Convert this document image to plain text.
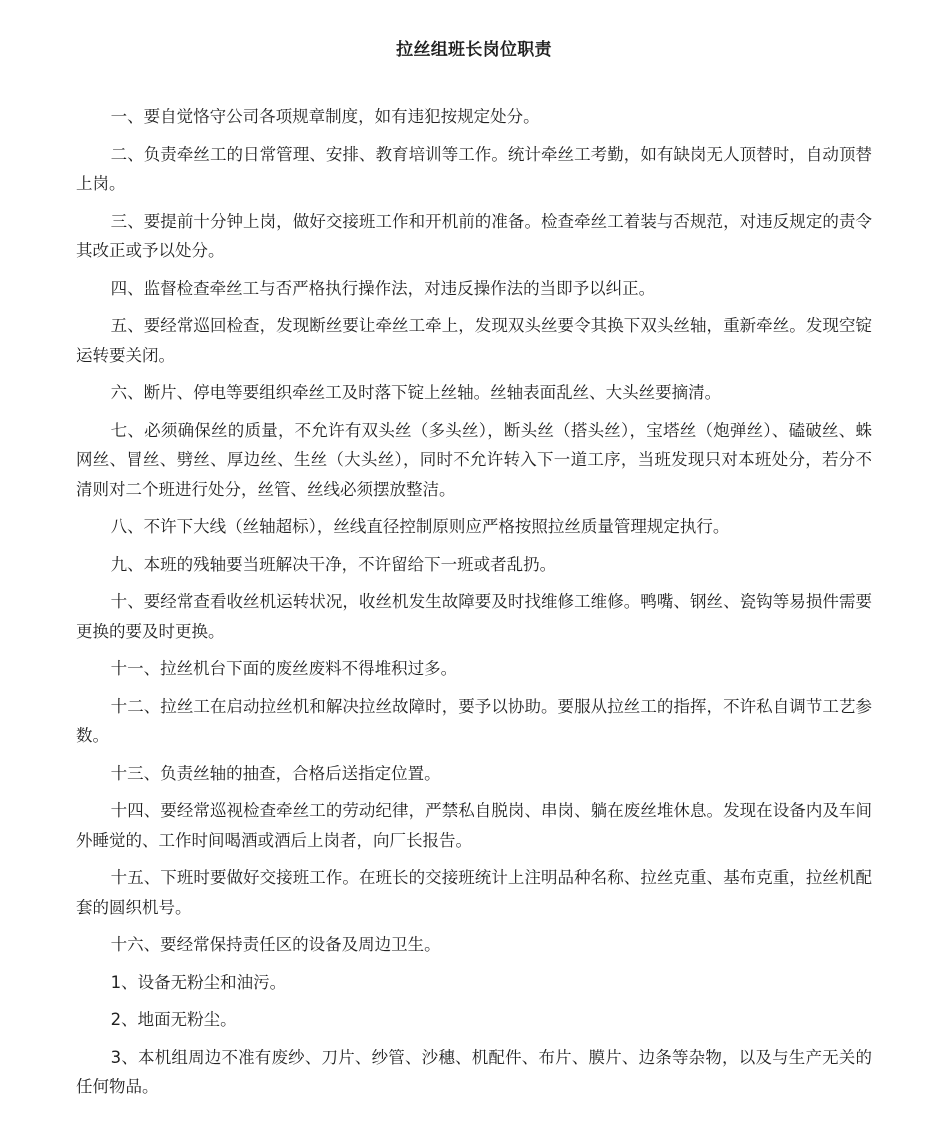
拉丝组班长岗位职责

一、要自觉恪守公司各项规章制度，如有违犯按规定处分。

二、负责牵丝工的日常管理、安排、教育培训等工作。统计牵丝工考勤，如有缺岗无人顶替时，自动顶替上岗。

三、要提前十分钟上岗，做好交接班工作和开机前的准备。检查牵丝工着装与否规范，对违反规定的责令其改正或予以处分。

四、监督检查牵丝工与否严格执行操作法，对违反操作法的当即予以纠正。

五、要经常巡回检查，发现断丝要让牵丝工牵上，发现双头丝要令其换下双头丝轴，重新牵丝。发现空锭运转要关闭。

六、断片、停电等要组织牵丝工及时落下锭上丝轴。丝轴表面乱丝、大头丝要摘清。

七、必须确保丝的质量，不允许有双头丝（多头丝），断头丝（搭头丝），宝塔丝（炮弹丝）、磕破丝、蛛网丝、冒丝、劈丝、厚边丝、生丝（大头丝），同时不允许转入下一道工序，当班发现只对本班处分，若分不清则对二个班进行处分，丝管、丝线必须摆放整洁。

八、不许下大线（丝轴超标），丝线直径控制原则应严格按照拉丝质量管理规定执行。

九、本班的残轴要当班解决干净，不许留给下一班或者乱扔。

十、要经常查看收丝机运转状况，收丝机发生故障要及时找维修工维修。鸭嘴、钢丝、瓷钩等易损件需要更换的要及时更换。

十一、拉丝机台下面的废丝废料不得堆积过多。

十二、拉丝工在启动拉丝机和解决拉丝故障时，要予以协助。要服从拉丝工的指挥，不许私自调节工艺参数。

十三、负责丝轴的抽查，合格后送指定位置。

十四、要经常巡视检查牵丝工的劳动纪律，严禁私自脱岗、串岗、躺在废丝堆休息。发现在设备内及车间外睡觉的、工作时间喝酒或酒后上岗者，向厂长报告。

十五、下班时要做好交接班工作。在班长的交接班统计上注明品种名称、拉丝克重、基布克重，拉丝机配套的圆织机号。

十六、要经常保持责任区的设备及周边卫生。

1、设备无粉尘和油污。

2、地面无粉尘。

3、本机组周边不准有废纱、刀片、纱管、沙穗、机配件、布片、膜片、边条等杂物，以及与生产无关的任何物品。
